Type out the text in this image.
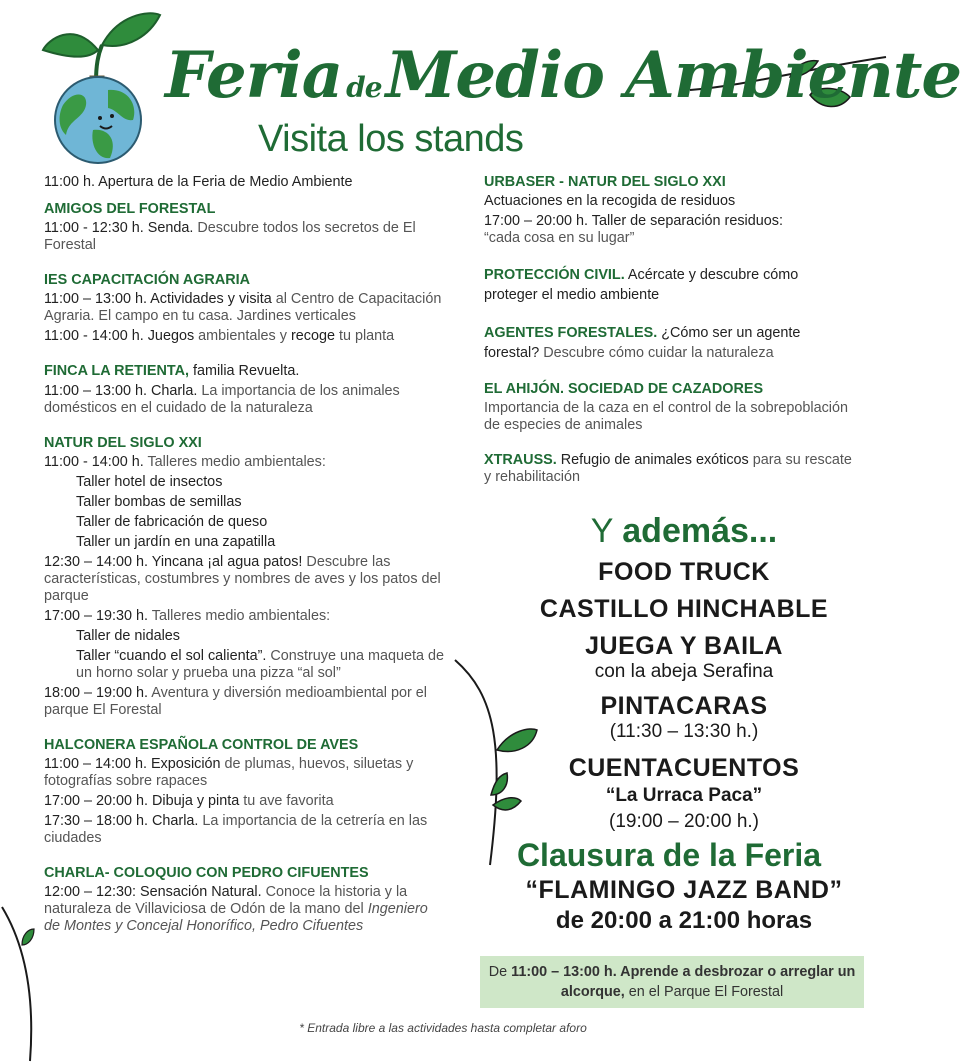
Feria deMedio Ambiente
Visita los stands
11:00 h. Apertura de la Feria de Medio Ambiente
AMIGOS DEL FORESTAL
11:00 - 12:30 h. Senda. Descubre todos los secretos de El Forestal
IES CAPACITACIÓN AGRARIA
11:00 – 13:00 h. Actividades y visita al Centro de Capacitación Agraria. El campo en tu casa. Jardines verticales
11:00 - 14:00 h. Juegos ambientales y recoge tu planta
FINCA LA RETIENTA, familia Revuelta.
11:00 – 13:00 h. Charla. La importancia de los animales domésticos en el cuidado de la naturaleza
NATUR DEL SIGLO XXI
11:00 - 14:00 h. Talleres medio ambientales:
Taller hotel de insectos
Taller bombas de semillas
Taller de fabricación de queso
Taller un jardín en una zapatilla
12:30 – 14:00 h. Yincana ¡al agua patos! Descubre las características, costumbres y nombres de aves y los patos del parque
17:00 – 19:30 h. Talleres medio ambientales:
Taller de nidales
Taller “cuando el sol calienta”. Construye una maqueta de un horno solar y prueba una pizza “al sol”
18:00 – 19:00 h. Aventura y diversión medioambiental por el parque El Forestal
HALCONERA ESPAÑOLA CONTROL DE AVES
11:00 – 14:00 h. Exposición de plumas, huevos, siluetas y fotografías sobre rapaces
17:00 – 20:00 h. Dibuja y pinta tu ave favorita
17:30 – 18:00 h. Charla. La importancia de la cetrería en las ciudades
CHARLA- COLOQUIO CON PEDRO CIFUENTES
12:00 – 12:30: Sensación Natural. Conoce la historia y la naturaleza de Villaviciosa de Odón de la mano del Ingeniero de Montes y Concejal Honorífico, Pedro Cifuentes
URBASER - NATUR DEL SIGLO XXI
Actuaciones en la recogida de residuos
17:00 – 20:00 h. Taller de separación residuos:
“cada cosa en su lugar”
PROTECCIÓN CIVIL. Acércate y descubre cómo proteger el medio ambiente
AGENTES FORESTALES. ¿Cómo ser un agente forestal? Descubre cómo cuidar la naturaleza
EL AHIJÓN. SOCIEDAD DE CAZADORES
Importancia de la caza en el control de la sobrepoblación de especies de animales
XTRAUSS. Refugio de animales exóticos para su rescate y rehabilitación
Y además...
FOOD TRUCK
CASTILLO HINCHABLE
JUEGA Y BAILA
con la abeja Serafina
PINTACARAS
(11:30 – 13:30 h.)
CUENTACUENTOS
“La Urraca Paca”
(19:00 – 20:00 h.)
Clausura de la Feria
“FLAMINGO JAZZ BAND”
de 20:00 a 21:00 horas
De 11:00 – 13:00 h. Aprende a desbrozar o arreglar un alcorque, en el Parque El Forestal
* Entrada libre a las actividades hasta completar aforo
